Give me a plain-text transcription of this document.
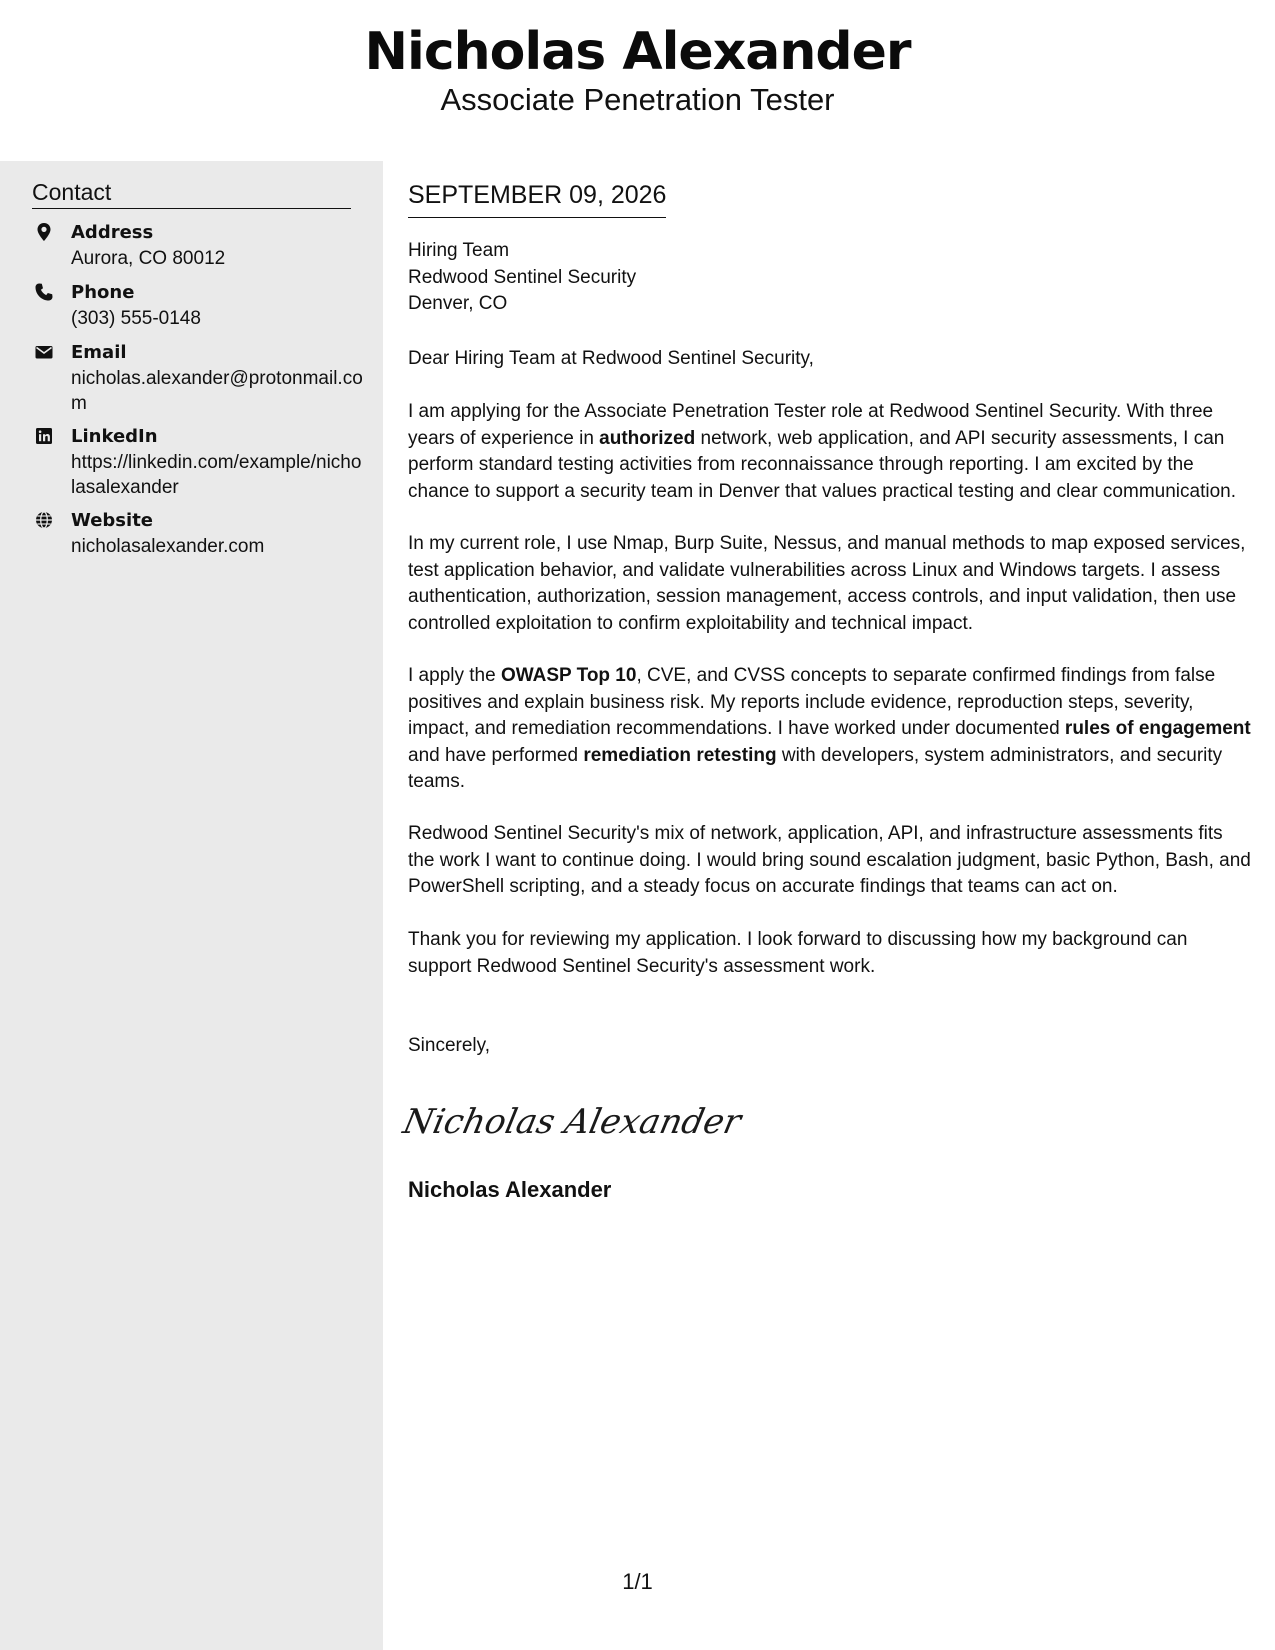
Nicholas Alexander
Associate Penetration Tester
Contact
Address
Aurora, CO 80012
Phone
(303) 555-0148
Email
nicholas.alexander@protonmail.com
LinkedIn
https://linkedin.com/example/nicholasalexander
Website
nicholasalexander.com
SEPTEMBER 09, 2026
Hiring Team
Redwood Sentinel Security
Denver, CO
Dear Hiring Team at Redwood Sentinel Security,
I am applying for the Associate Penetration Tester role at Redwood Sentinel Security. With three years of experience in authorized network, web application, and API security assessments, I can perform standard testing activities from reconnaissance through reporting. I am excited by the chance to support a security team in Denver that values practical testing and clear communication.
In my current role, I use Nmap, Burp Suite, Nessus, and manual methods to map exposed services, test application behavior, and validate vulnerabilities across Linux and Windows targets. I assess authentication, authorization, session management, access controls, and input validation, then use controlled exploitation to confirm exploitability and technical impact.
I apply the OWASP Top 10, CVE, and CVSS concepts to separate confirmed findings from false positives and explain business risk. My reports include evidence, reproduction steps, severity, impact, and remediation recommendations. I have worked under documented rules of engagement and have performed remediation retesting with developers, system administrators, and security teams.
Redwood Sentinel Security's mix of network, application, API, and infrastructure assessments fits the work I want to continue doing. I would bring sound escalation judgment, basic Python, Bash, and PowerShell scripting, and a steady focus on accurate findings that teams can act on.
Thank you for reviewing my application. I look forward to discussing how my background can support Redwood Sentinel Security's assessment work.
Sincerely,
Nicholas Alexander
Nicholas Alexander
1/1
